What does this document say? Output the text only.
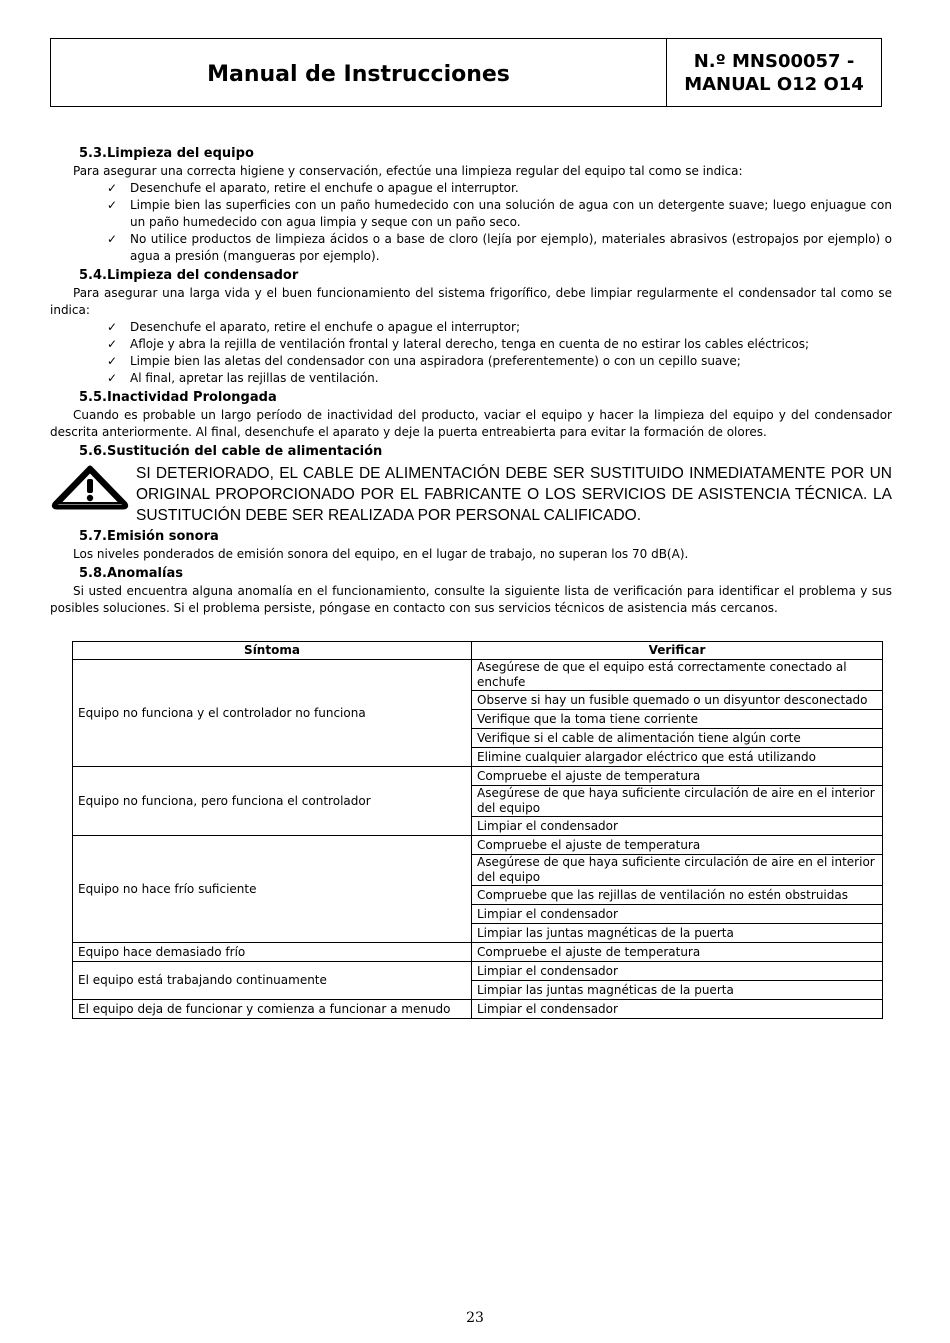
Manual de Instrucciones
N.º MNS00057 -
MANUAL O12 O14
5.3.Limpieza del equipo

Para asegurar una correcta higiene y conservación, efectúe una limpieza regular del equipo tal como se indica:

✓ Desenchufe el aparato, retire el enchufe o apague el interruptor.
✓ Limpie bien las superficies con un paño humedecido con una solución de agua con un detergente suave; luego enjuague con un paño humedecido con agua limpia y seque con un paño seco.
✓ No utilice productos de limpieza ácidos o a base de cloro (lejía por ejemplo), materiales abrasivos (estropajos por ejemplo) o agua a presión (mangueras por ejemplo).
5.4.Limpieza del condensador

Para asegurar una larga vida y el buen funcionamiento del sistema frigorífico, debe limpiar regularmente el condensador tal como se indica:

✓ Desenchufe el aparato, retire el enchufe o apague el interruptor;
✓ Afloje y abra la rejilla de ventilación frontal y lateral derecho, tenga en cuenta de no estirar los cables eléctricos;
✓ Limpie bien las aletas del condensador con una aspiradora (preferentemente) o con un cepillo suave;
✓ Al final, apretar las rejillas de ventilación.
5.5.Inactividad Prolongada

Cuando es probable un largo período de inactividad del producto, vaciar el equipo y hacer la limpieza del equipo y del condensador descrita anteriormente. Al final, desenchufe el aparato y deje la puerta entreabierta para evitar la formación de olores.

5.6.Sustitución del cable de alimentación
SI DETERIORADO, EL CABLE DE ALIMENTACIÓN DEBE SER SUSTITUIDO INMEDIATAMENTE POR UN ORIGINAL PROPORCIONADO POR EL FABRICANTE O LOS SERVICIOS DE ASISTENCIA TÉCNICA. LA SUSTITUCIÓN DEBE SER REALIZADA POR PERSONAL CALIFICADO.
5.7.Emisión sonora

Los niveles ponderados de emisión sonora del equipo, en el lugar de trabajo, no superan los 70 dB(A).

5.8.Anomalías

Si usted encuentra alguna anomalía en el funcionamiento, consulte la siguiente lista de verificación para identificar el problema y sus posibles soluciones. Si el problema persiste, póngase en contacto con sus servicios técnicos de asistencia más cercanos.

Síntoma	Verificar
Equipo no funciona y el controlador no funciona	Asegúrese de que el equipo está correctamente conectado al enchufe
	Observe si hay un fusible quemado o un disyuntor desconectado
	Verifique que la toma tiene corriente
	Verifique si el cable de alimentación tiene algún corte
	Elimine cualquier alargador eléctrico que está utilizando
Equipo no funciona, pero funciona el controlador	Compruebe el ajuste de temperatura
	Asegúrese de que haya suficiente circulación de aire en el interior del equipo
	Limpiar el condensador
Equipo no hace frío suficiente	Compruebe el ajuste de temperatura
	Asegúrese de que haya suficiente circulación de aire en el interior del equipo
	Compruebe que las rejillas de ventilación no estén obstruidas
	Limpiar el condensador
	Limpiar las juntas magnéticas de la puerta
Equipo hace demasiado frío	Compruebe el ajuste de temperatura
El equipo está trabajando continuamente	Limpiar el condensador
	Limpiar las juntas magnéticas de la puerta
El equipo deja de funcionar y comienza a funcionar a menudo	Limpiar el condensador
23
